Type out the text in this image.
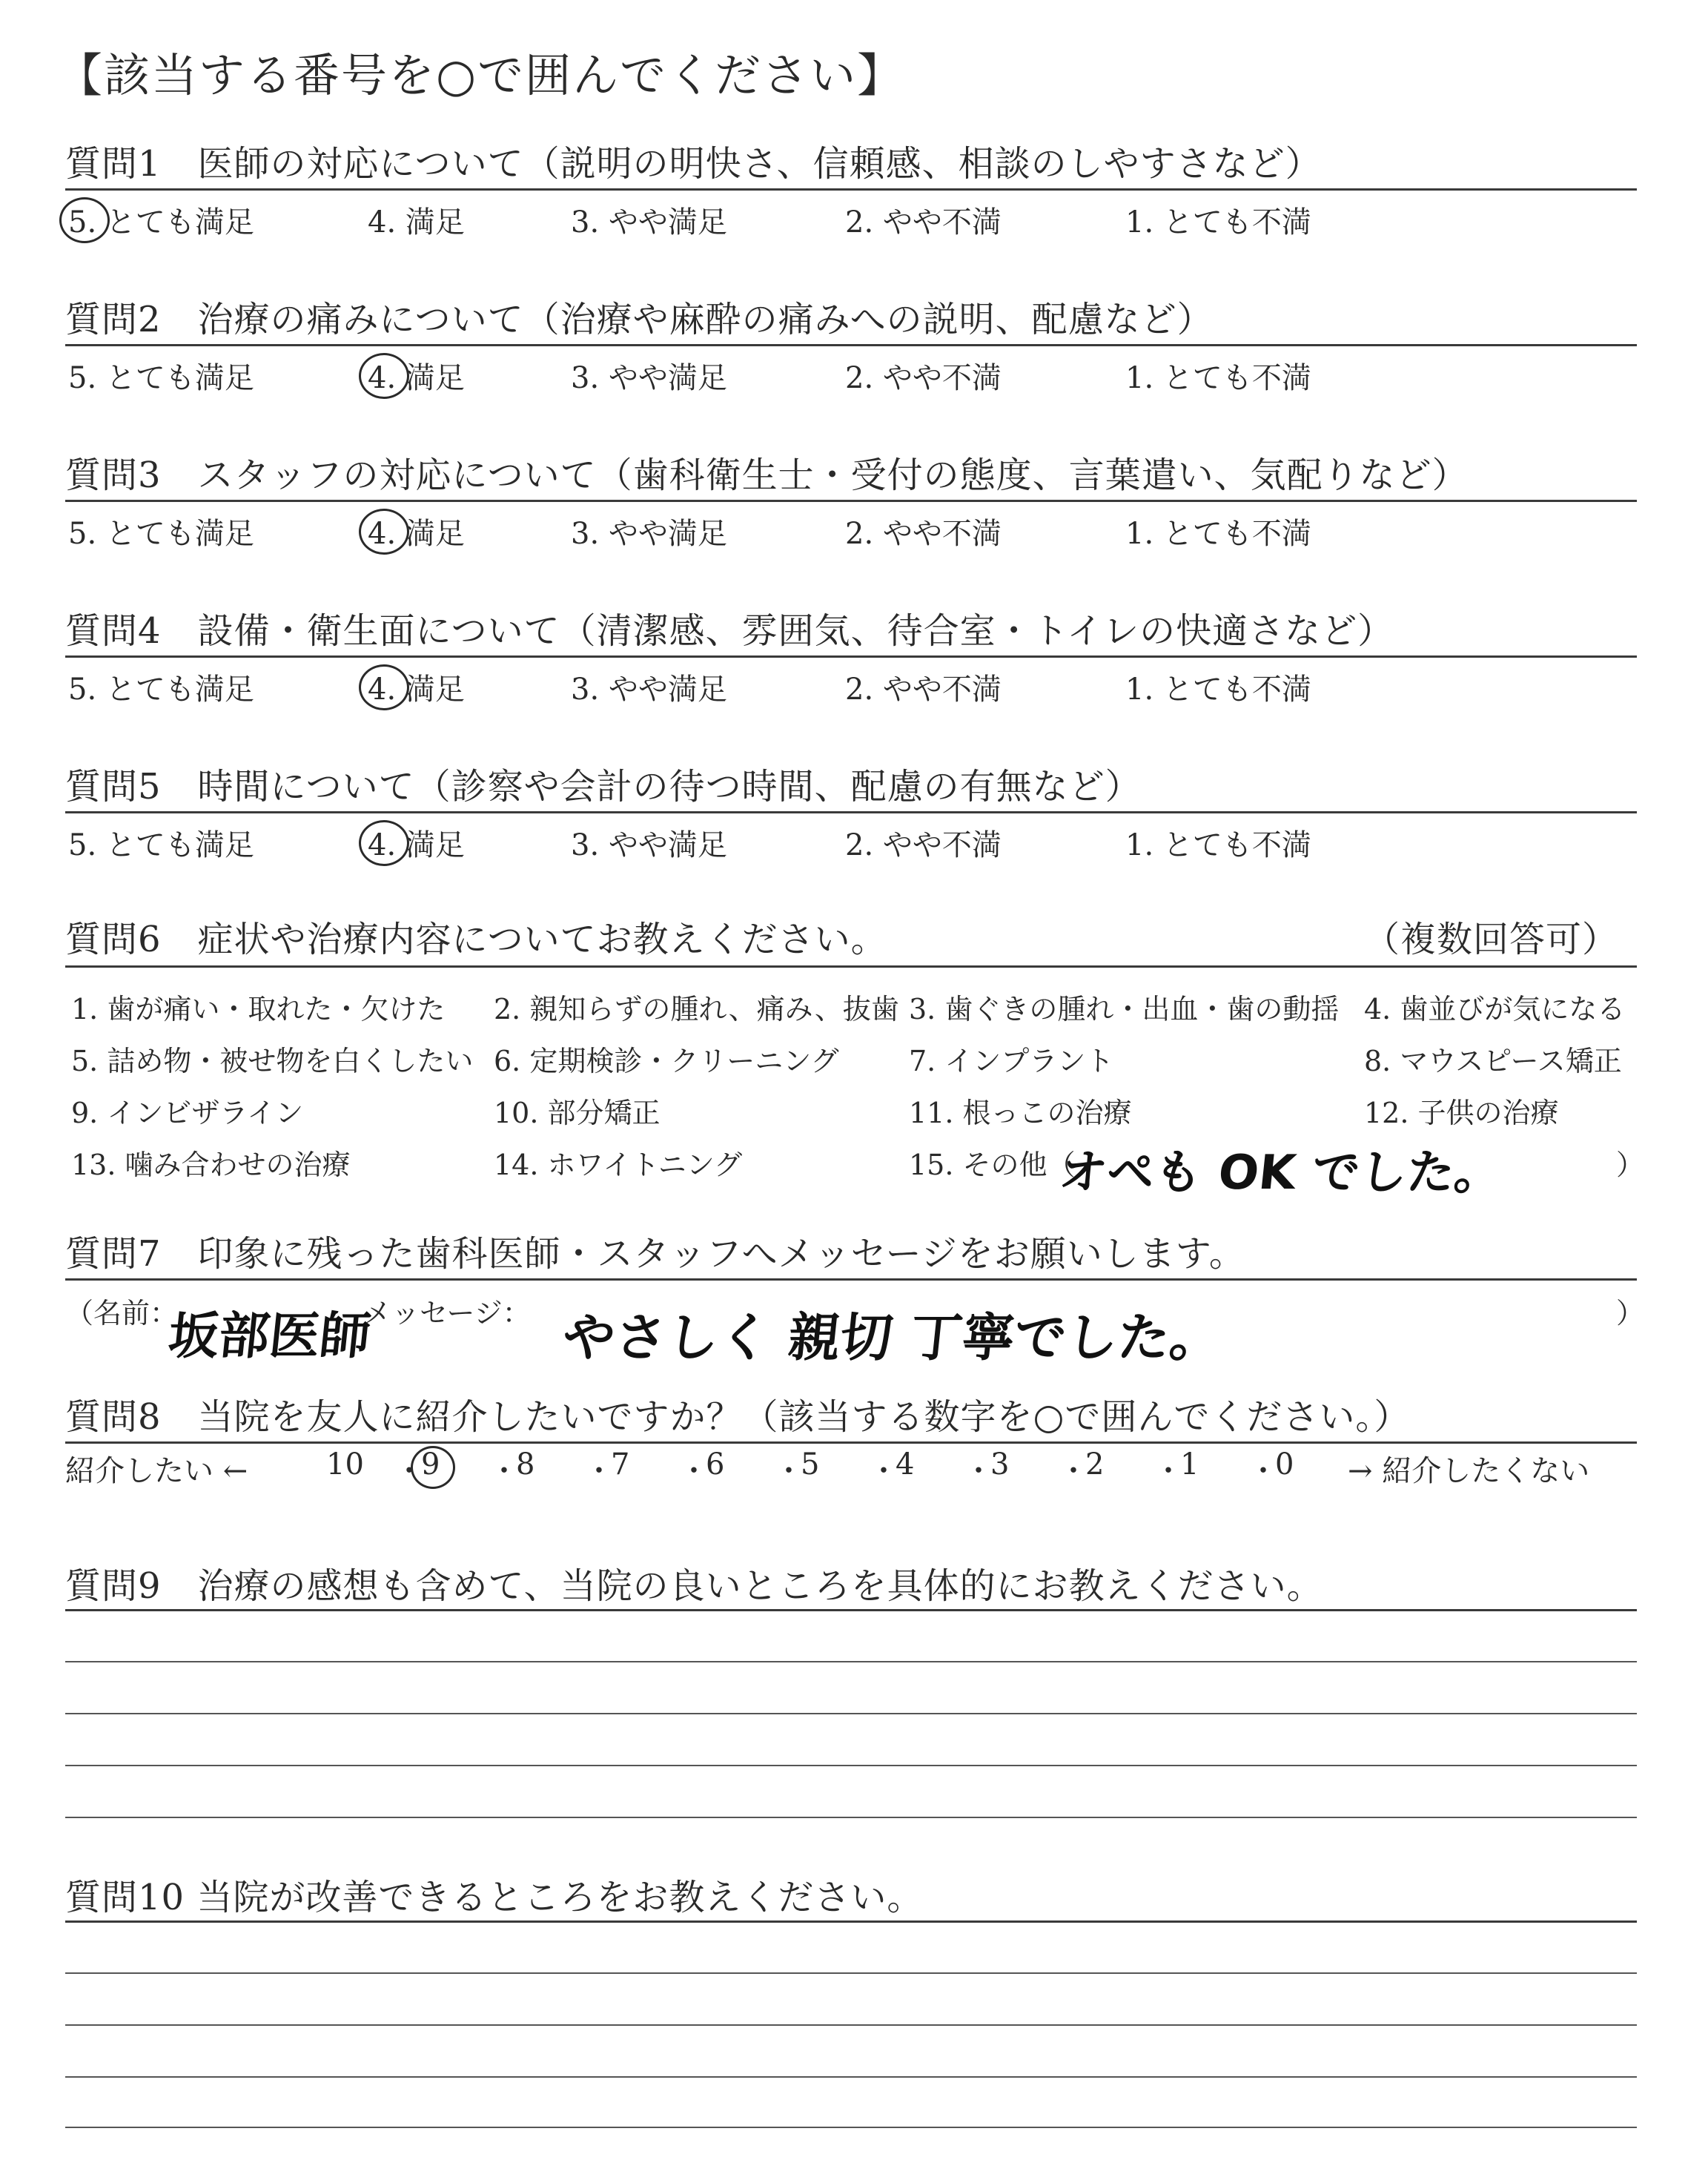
【該当する番号を○で囲んでください】
質問1　医師の対応について（説明の明快さ、信頼感、相談のしやすさなど）
5. とても満足	4. 満足	3. やや満足	2. やや不満	1. とても不満
質問2　治療の痛みについて（治療や麻酔の痛みへの説明、配慮など）
5. とても満足	4. 満足	3. やや満足	2. やや不満	1. とても不満
質問3　スタッフの対応について（歯科衛生士・受付の態度、言葉遣い、気配りなど）
5. とても満足	4. 満足	3. やや満足	2. やや不満	1. とても不満
質問4　設備・衛生面について（清潔感、雰囲気、待合室・トイレの快適さなど）
5. とても満足	4. 満足	3. やや満足	2. やや不満	1. とても不満
質問5　時間について（診察や会計の待つ時間、配慮の有無など）
5. とても満足	4. 満足	3. やや満足	2. やや不満	1. とても不満
質問6　症状や治療内容についてお教えください。	（複数回答可）
1. 歯が痛い・取れた・欠けた 2. 親知らずの腫れ、痛み、抜歯 3. 歯ぐきの腫れ・出血・歯の動揺 4. 歯並びが気になる
5. 詰め物・被せ物を白くしたい 6. 定期検診・クリーニング 7. インプラント	8. マウスピース矯正
9. インビザライン	10. 部分矯正	11. 根っこの治療	12. 子供の治療
13. 噛み合わせの治療	14. ホワイトニング	15. その他（
オペも OK でした。	）
質問7　印象に残った歯科医師・スタッフへメッセージをお願いします。
（名前：
坂部医師
メッセージ： やさしく 親切 丁寧でした。	）
質問8　当院を友人に紹介したいですか？（該当する数字を○で囲んでください。）
紹介したい ←	10 ・
9 ・
8 ・
7 ・
6 ・
5 ・
4 ・
3 ・
2 ・
1 ・
0 → 紹介したくない
質問9　治療の感想も含めて、当院の良いところを具体的にお教えください。
質問10 当院が改善できるところをお教えください。
